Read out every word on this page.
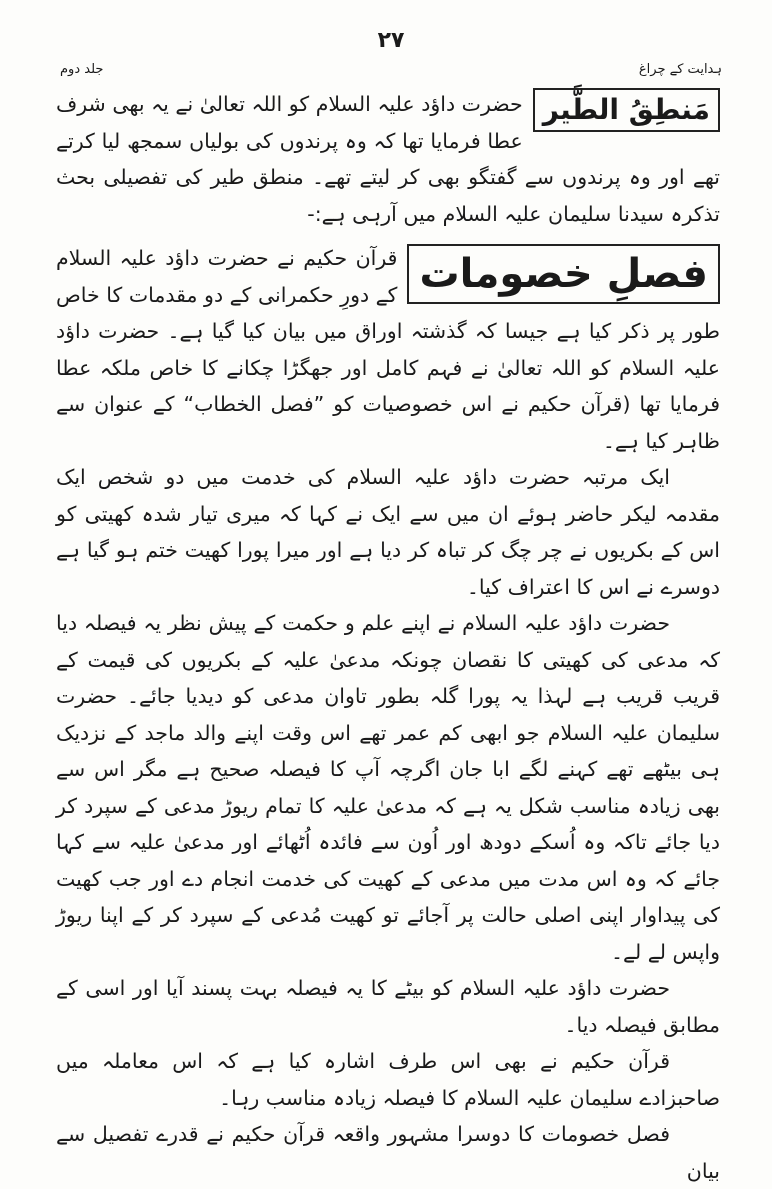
٢٧
ہدایت کے چراغ
جلد دوم
مَنطِقُ الطَّیر

حضرت داؤد علیہ السلام کو اللہ تعالیٰ نے یہ بھی شرف عطا فرمایا تھا کہ وہ پرندوں کی بولیاں سمجھ لیا کرتے تھے اور وہ پرندوں سے گفتگو بھی کر لیتے تھے۔ منطق طیر کی تفصیلی بحث تذکرہ سیدنا سلیمان علیہ السلام میں آرہی ہے:-

فصلِ خصومات

قرآن حکیم نے حضرت داؤد علیہ السلام کے دورِ حکمرانی کے دو مقدمات کا خاص طور پر ذکر کیا ہے جیسا کہ گذشتہ اوراق میں بیان کیا گیا ہے۔ حضرت داؤد علیہ السلام کو اللہ تعالیٰ نے فہم کامل اور جھگڑا چکانے کا خاص ملکہ عطا فرمایا تھا (قرآن حکیم نے اس خصوصیات کو ”فصل الخطاب“ کے عنوان سے ظاہر کیا ہے۔

ایک مرتبہ حضرت داؤد علیہ السلام کی خدمت میں دو شخص ایک مقدمہ لیکر حاضر ہوئے ان میں سے ایک نے کہا کہ میری تیار شدہ کھیتی کو اس کے بکریوں نے چر چگ کر تباہ کر دیا ہے اور میرا پورا کھیت ختم ہو گیا ہے دوسرے نے اس کا اعتراف کیا۔

حضرت داؤد علیہ السلام نے اپنے علم و حکمت کے پیش نظر یہ فیصلہ دیا کہ مدعی کی کھیتی کا نقصان چونکہ مدعیٰ علیہ کے بکریوں کی قیمت کے قریب قریب ہے لہذا یہ پورا گلہ بطور تاوان مدعی کو دیدیا جائے۔ حضرت سلیمان علیہ السلام جو ابھی کم عمر تھے اس وقت اپنے والد ماجد کے نزدیک ہی بیٹھے تھے کہنے لگے ابا جان اگرچہ آپ کا فیصلہ صحیح ہے مگر اس سے بھی زیادہ مناسب شکل یہ ہے کہ مدعیٰ علیہ کا تمام ریوڑ مدعی کے سپرد کر دیا جائے تاکہ وہ اُسکے دودھ اور اُون سے فائدہ اُٹھائے اور مدعیٰ علیہ سے کہا جائے کہ وہ اس مدت میں مدعی کے کھیت کی خدمت انجام دے اور جب کھیت کی پیداوار اپنی اصلی حالت پر آجائے تو کھیت مُدعی کے سپرد کر کے اپنا ریوڑ واپس لے لے۔

حضرت داؤد علیہ السلام کو بیٹے کا یہ فیصلہ بہت پسند آیا اور اسی کے مطابق فیصلہ دیا۔

قرآن حکیم نے بھی اس طرف اشارہ کیا ہے کہ اس معاملہ میں صاحبزادے سلیمان علیہ السلام کا فیصلہ زیادہ مناسب رہا۔

فصل خصومات کا دوسرا مشہور واقعہ قرآن حکیم نے قدرے تفصیل سے بیان
